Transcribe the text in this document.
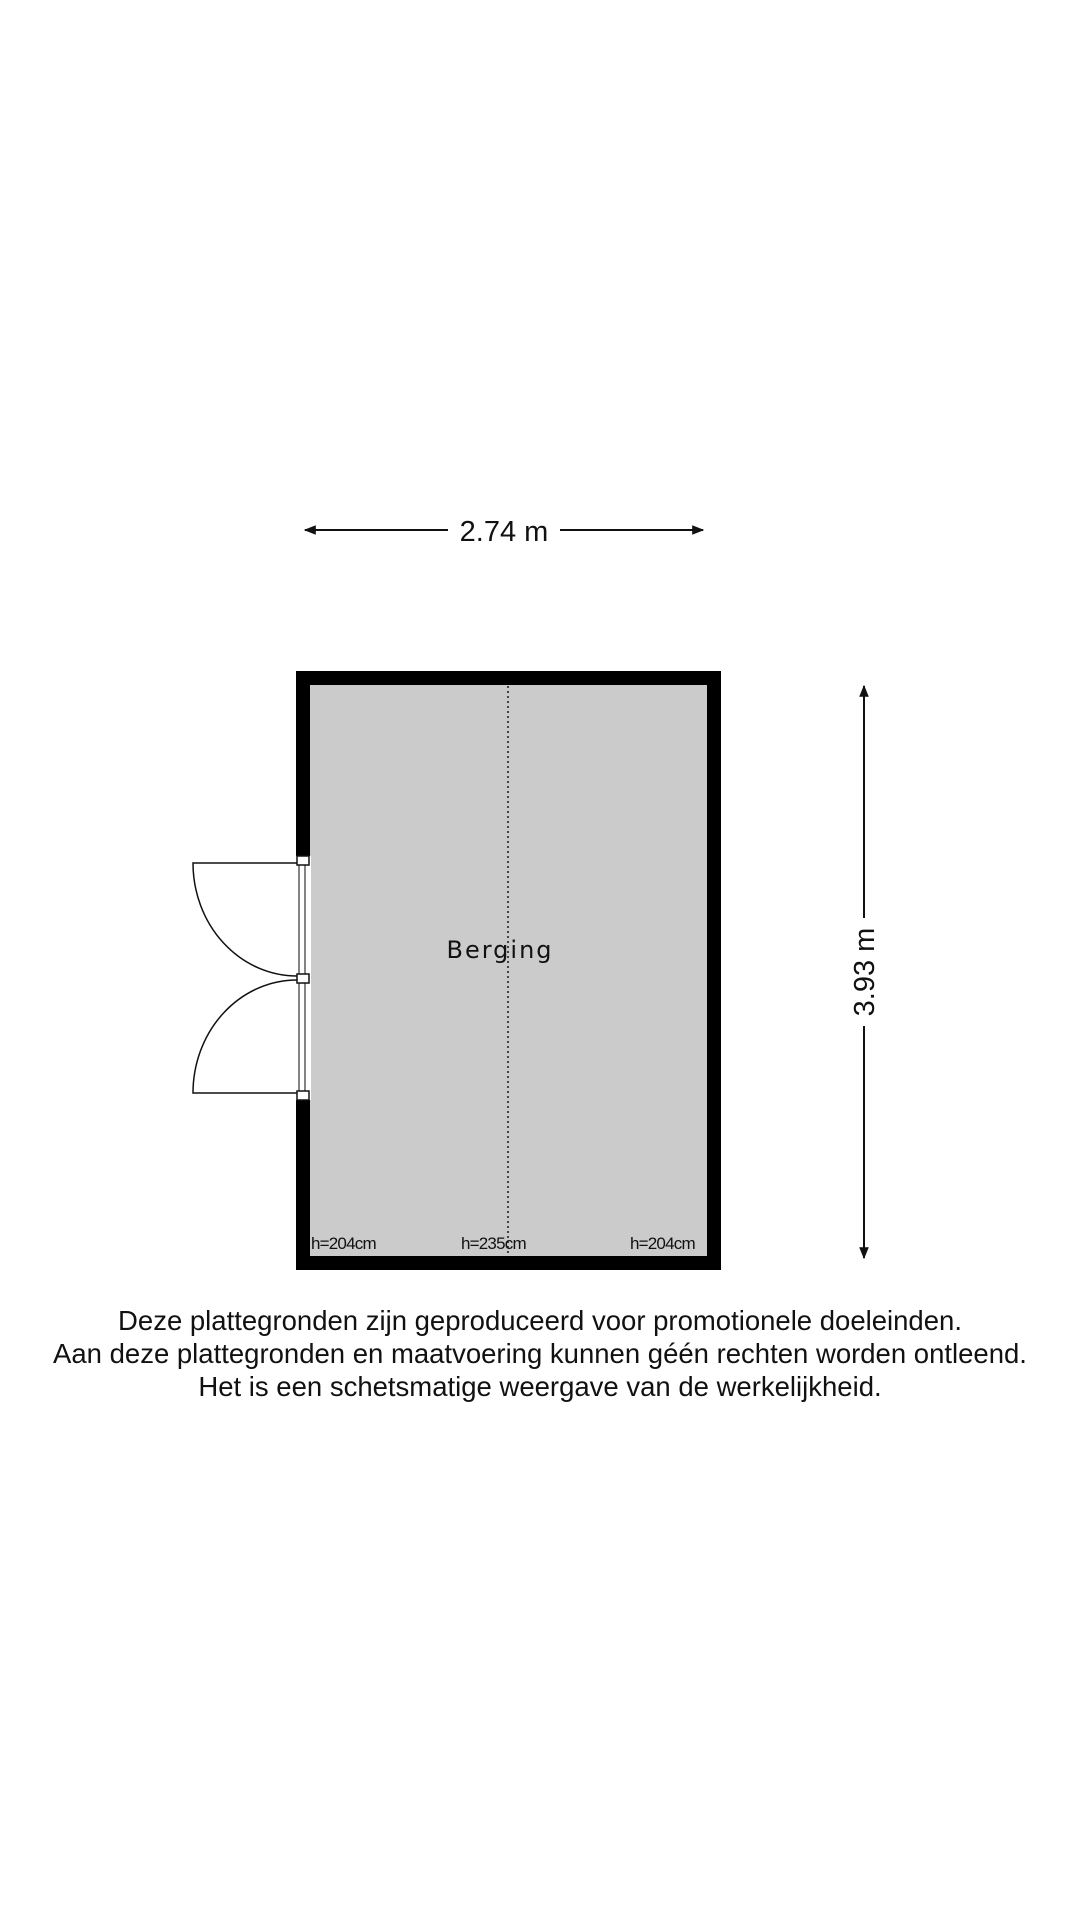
2.74 m
3.93 m
Berging
h=204cm	h=235cm	h=204cm
Deze plattegronden zijn geproduceerd voor promotionele doeleinden.
Aan deze plattegronden en maatvoering kunnen géén rechten worden ontleend.
Het is een schetsmatige weergave van de werkelijkheid.
